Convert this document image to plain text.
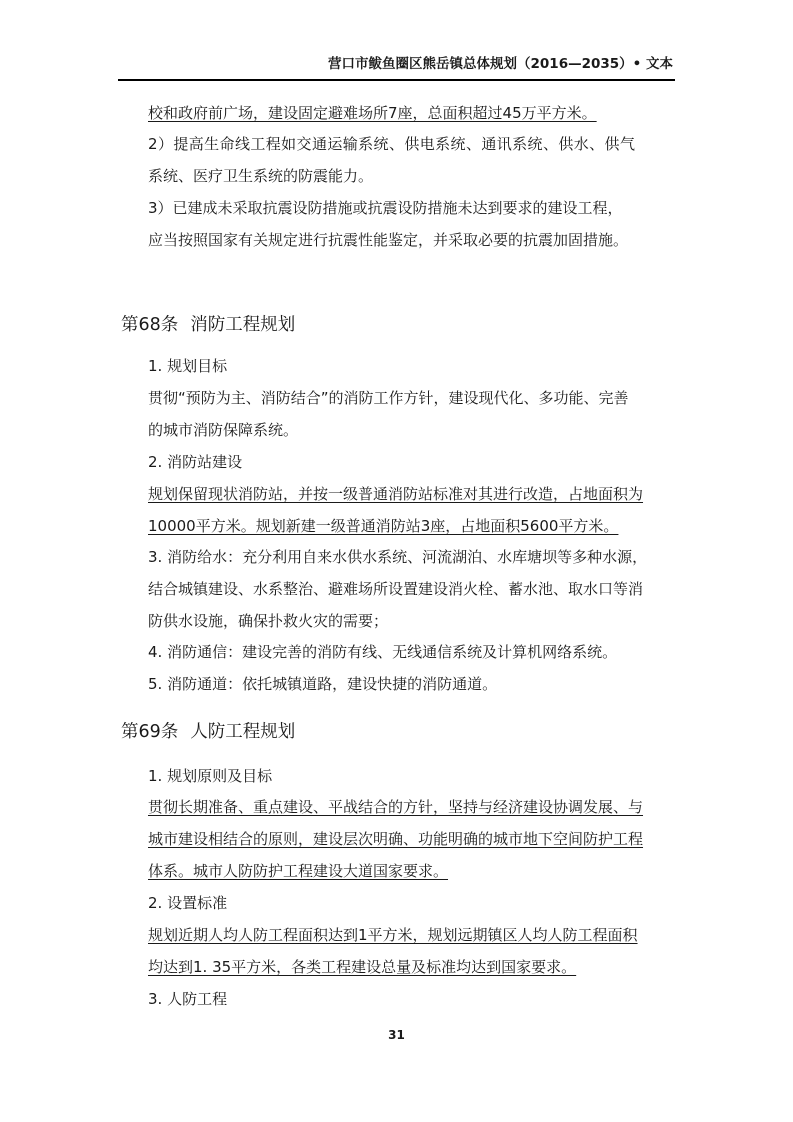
营口市鲅鱼圈区熊岳镇总体规划（2016—2035）• 文本
校和政府前广场，建设固定避难场所7座，总面积超过45万平方米。
2）提高生命线工程如交通运输系统、供电系统、通讯系统、供水、供气
系统、医疗卫生系统的防震能力。
3）已建成未采取抗震设防措施或抗震设防措施未达到要求的建设工程，
应当按照国家有关规定进行抗震性能鉴定，并采取必要的抗震加固措施。
第68条 消防工程规划
1. 规划目标
贯彻“预防为主、消防结合”的消防工作方针，建设现代化、多功能、完善
的城市消防保障系统。
2. 消防站建设
规划保留现状消防站，并按一级普通消防站标准对其进行改造，占地面积为
10000平方米。规划新建一级普通消防站3座，占地面积5600平方米。
3. 消防给水：充分利用自来水供水系统、河流湖泊、水库塘坝等多种水源，
结合城镇建设、水系整治、避难场所设置建设消火栓、蓄水池、取水口等消
防供水设施，确保扑救火灾的需要；
4. 消防通信：建设完善的消防有线、无线通信系统及计算机网络系统。
5. 消防通道：依托城镇道路，建设快捷的消防通道。
第69条 人防工程规划
1. 规划原则及目标
贯彻长期准备、重点建设、平战结合的方针，坚持与经济建设协调发展、与
城市建设相结合的原则，建设层次明确、功能明确的城市地下空间防护工程
体系。城市人防防护工程建设大道国家要求。
2. 设置标准
规划近期人均人防工程面积达到1平方米，规划远期镇区人均人防工程面积
均达到1. 35平方米，各类工程建设总量及标准均达到国家要求。
3. 人防工程
31
